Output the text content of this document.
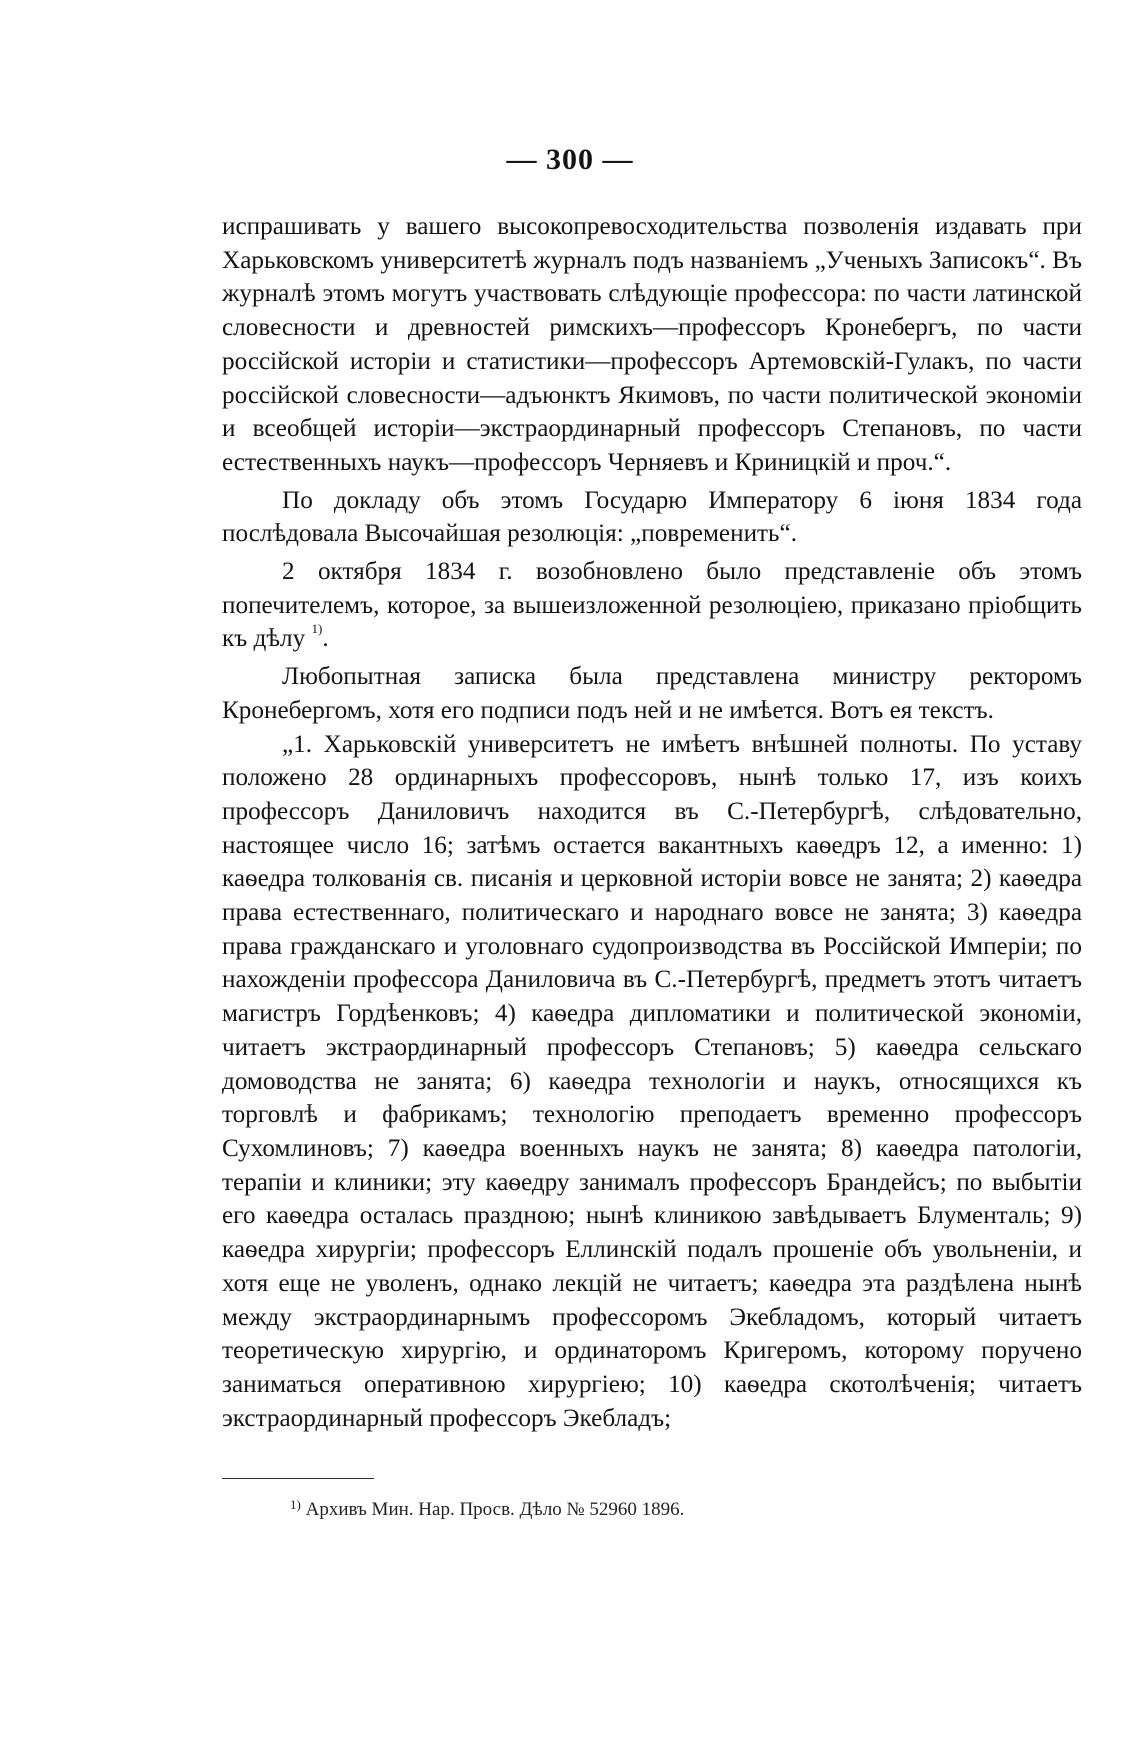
— 300 —

испрашивать у вашего высокопревосходительства позволенія издавать при Харьковскомъ университетѣ журналъ подъ названіемъ „Ученыхъ Записокъ“. Въ журналѣ этомъ могутъ участвовать слѣдующіе профессора: по части латинской словесности и древностей римскихъ—профессоръ Кронебергъ, по части россійской исторіи и статистики—профессоръ Артемовскій-Гулакъ, по части россійской словесности—адъюнктъ Якимовъ, по части политической экономіи и всеобщей исторіи—экстраординарный профессоръ Степановъ, по части естественныхъ наукъ—профессоръ Черняевъ и Криницкій и проч.“.

По докладу объ этомъ Государю Императору 6 іюня 1834 года послѣдовала Высочайшая резолюція: „повременить“.

2 октября 1834 г. возобновлено было представленіе объ этомъ попечителемъ, которое, за вышеизложенной резолюціею, приказано пріобщить къ дѣлу $^{1)}$.

Любопытная записка была представлена министру ректоромъ Кронебергомъ, хотя его подписи подъ ней и не имѣется. Вотъ ея текстъ.

„1. Харьковскій университетъ не имѣетъ внѣшней полноты. По уставу положено 28 ординарныхъ профессоровъ, нынѣ только 17, изъ коихъ профессоръ Даниловичъ находится въ С.-Петербургѣ, слѣдовательно, настоящее число 16; затѣмъ остается вакантныхъ каѳедръ 12, а именно: 1) каѳедра толкованія св. писанія и церковной исторіи вовсе не занята; 2) каѳедра права естественнаго, политическаго и народнаго вовсе не занята; 3) каѳедра права гражданскаго и уголовнаго судопроизводства въ Россійской Имперіи; по нахожденіи профессора Даниловича въ С.-Петербургѣ, предметъ этотъ читаетъ магистръ Гордѣенковъ; 4) каѳедра дипломатики и политической экономіи, читаетъ экстраординарный профессоръ Степановъ; 5) каѳедра сельскаго домоводства не занята; 6) каѳедра технологіи и наукъ, относящихся къ торговлѣ и фабрикамъ; технологію преподаетъ временно профессоръ Сухомлиновъ; 7) каѳедра военныхъ наукъ не занята; 8) каѳедра патологіи, терапіи и клиники; эту каѳедру занималъ профессоръ Брандейсъ; по выбытіи его каѳедра осталась праздною; нынѣ клиникою завѣдываетъ Блументаль; 9) каѳедра хирургіи; профессоръ Еллинскій подалъ прошеніе объ увольненіи, и хотя еще не уволенъ, однако лекцій не читаетъ; каѳедра эта раздѣлена нынѣ между экстраординарнымъ профессоромъ Экебладомъ, который читаетъ теоретическую хирургію, и ординаторомъ Кригеромъ, которому поручено заниматься оперативною хирургіею; 10) каѳедра скотолѣченія; читаетъ экстраординарный профессоръ Экебладъ;

$^{1)}$ Архивъ Мин. Нар. Просв. Дѣло № 52960 1896.
